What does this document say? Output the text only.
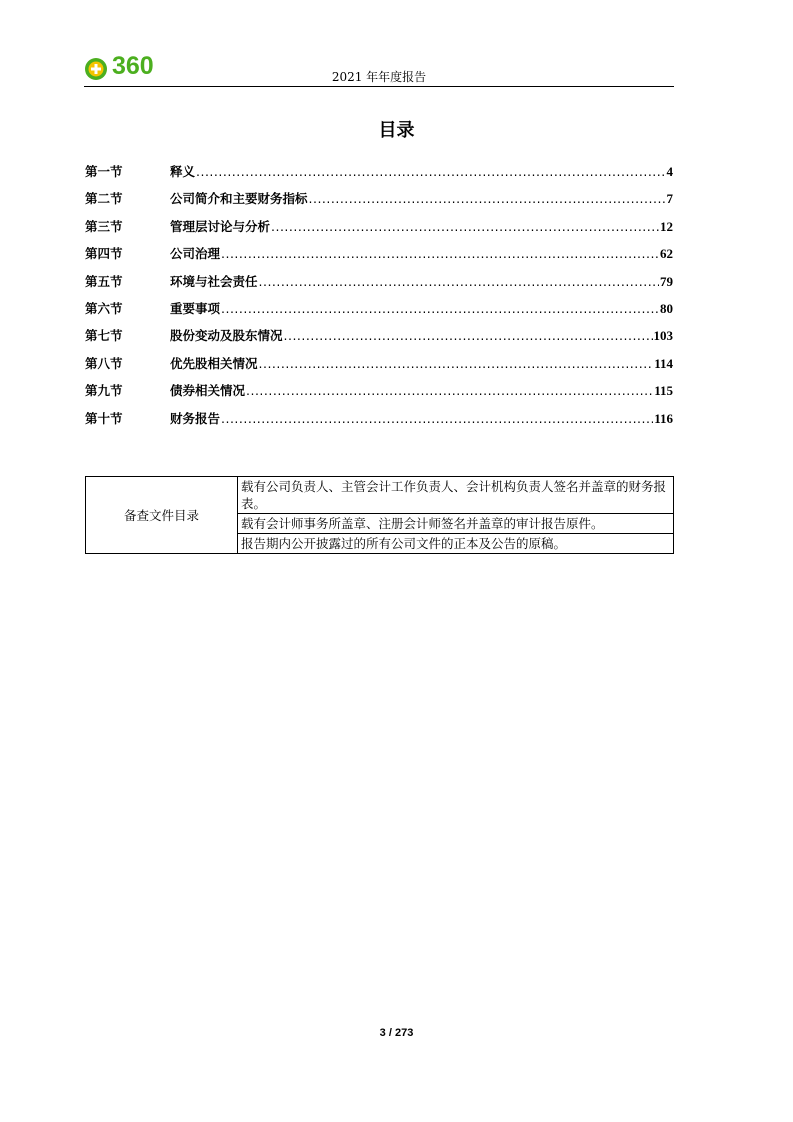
360	2021 年年度报告
目录
第一节	释义 .....	4
第二节	公司简介和主要财务指标 .....	7
第三节	管理层讨论与分析 .....	12
第四节	公司治理 .....	62
第五节	环境与社会责任 .....	79
第六节	重要事项 .....	80
第七节	股份变动及股东情况 .....	103
第八节	优先股相关情况 .....	114
第九节	债券相关情况 .....	115
第十节	财务报告 .....	116
备查文件目录	载有公司负责人、主管会计工作负责人、会计机构负责人签名并盖章的财务报表。
载有会计师事务所盖章、注册会计师签名并盖章的审计报告原件。
报告期内公开披露过的所有公司文件的正本及公告的原稿。
3 / 273
